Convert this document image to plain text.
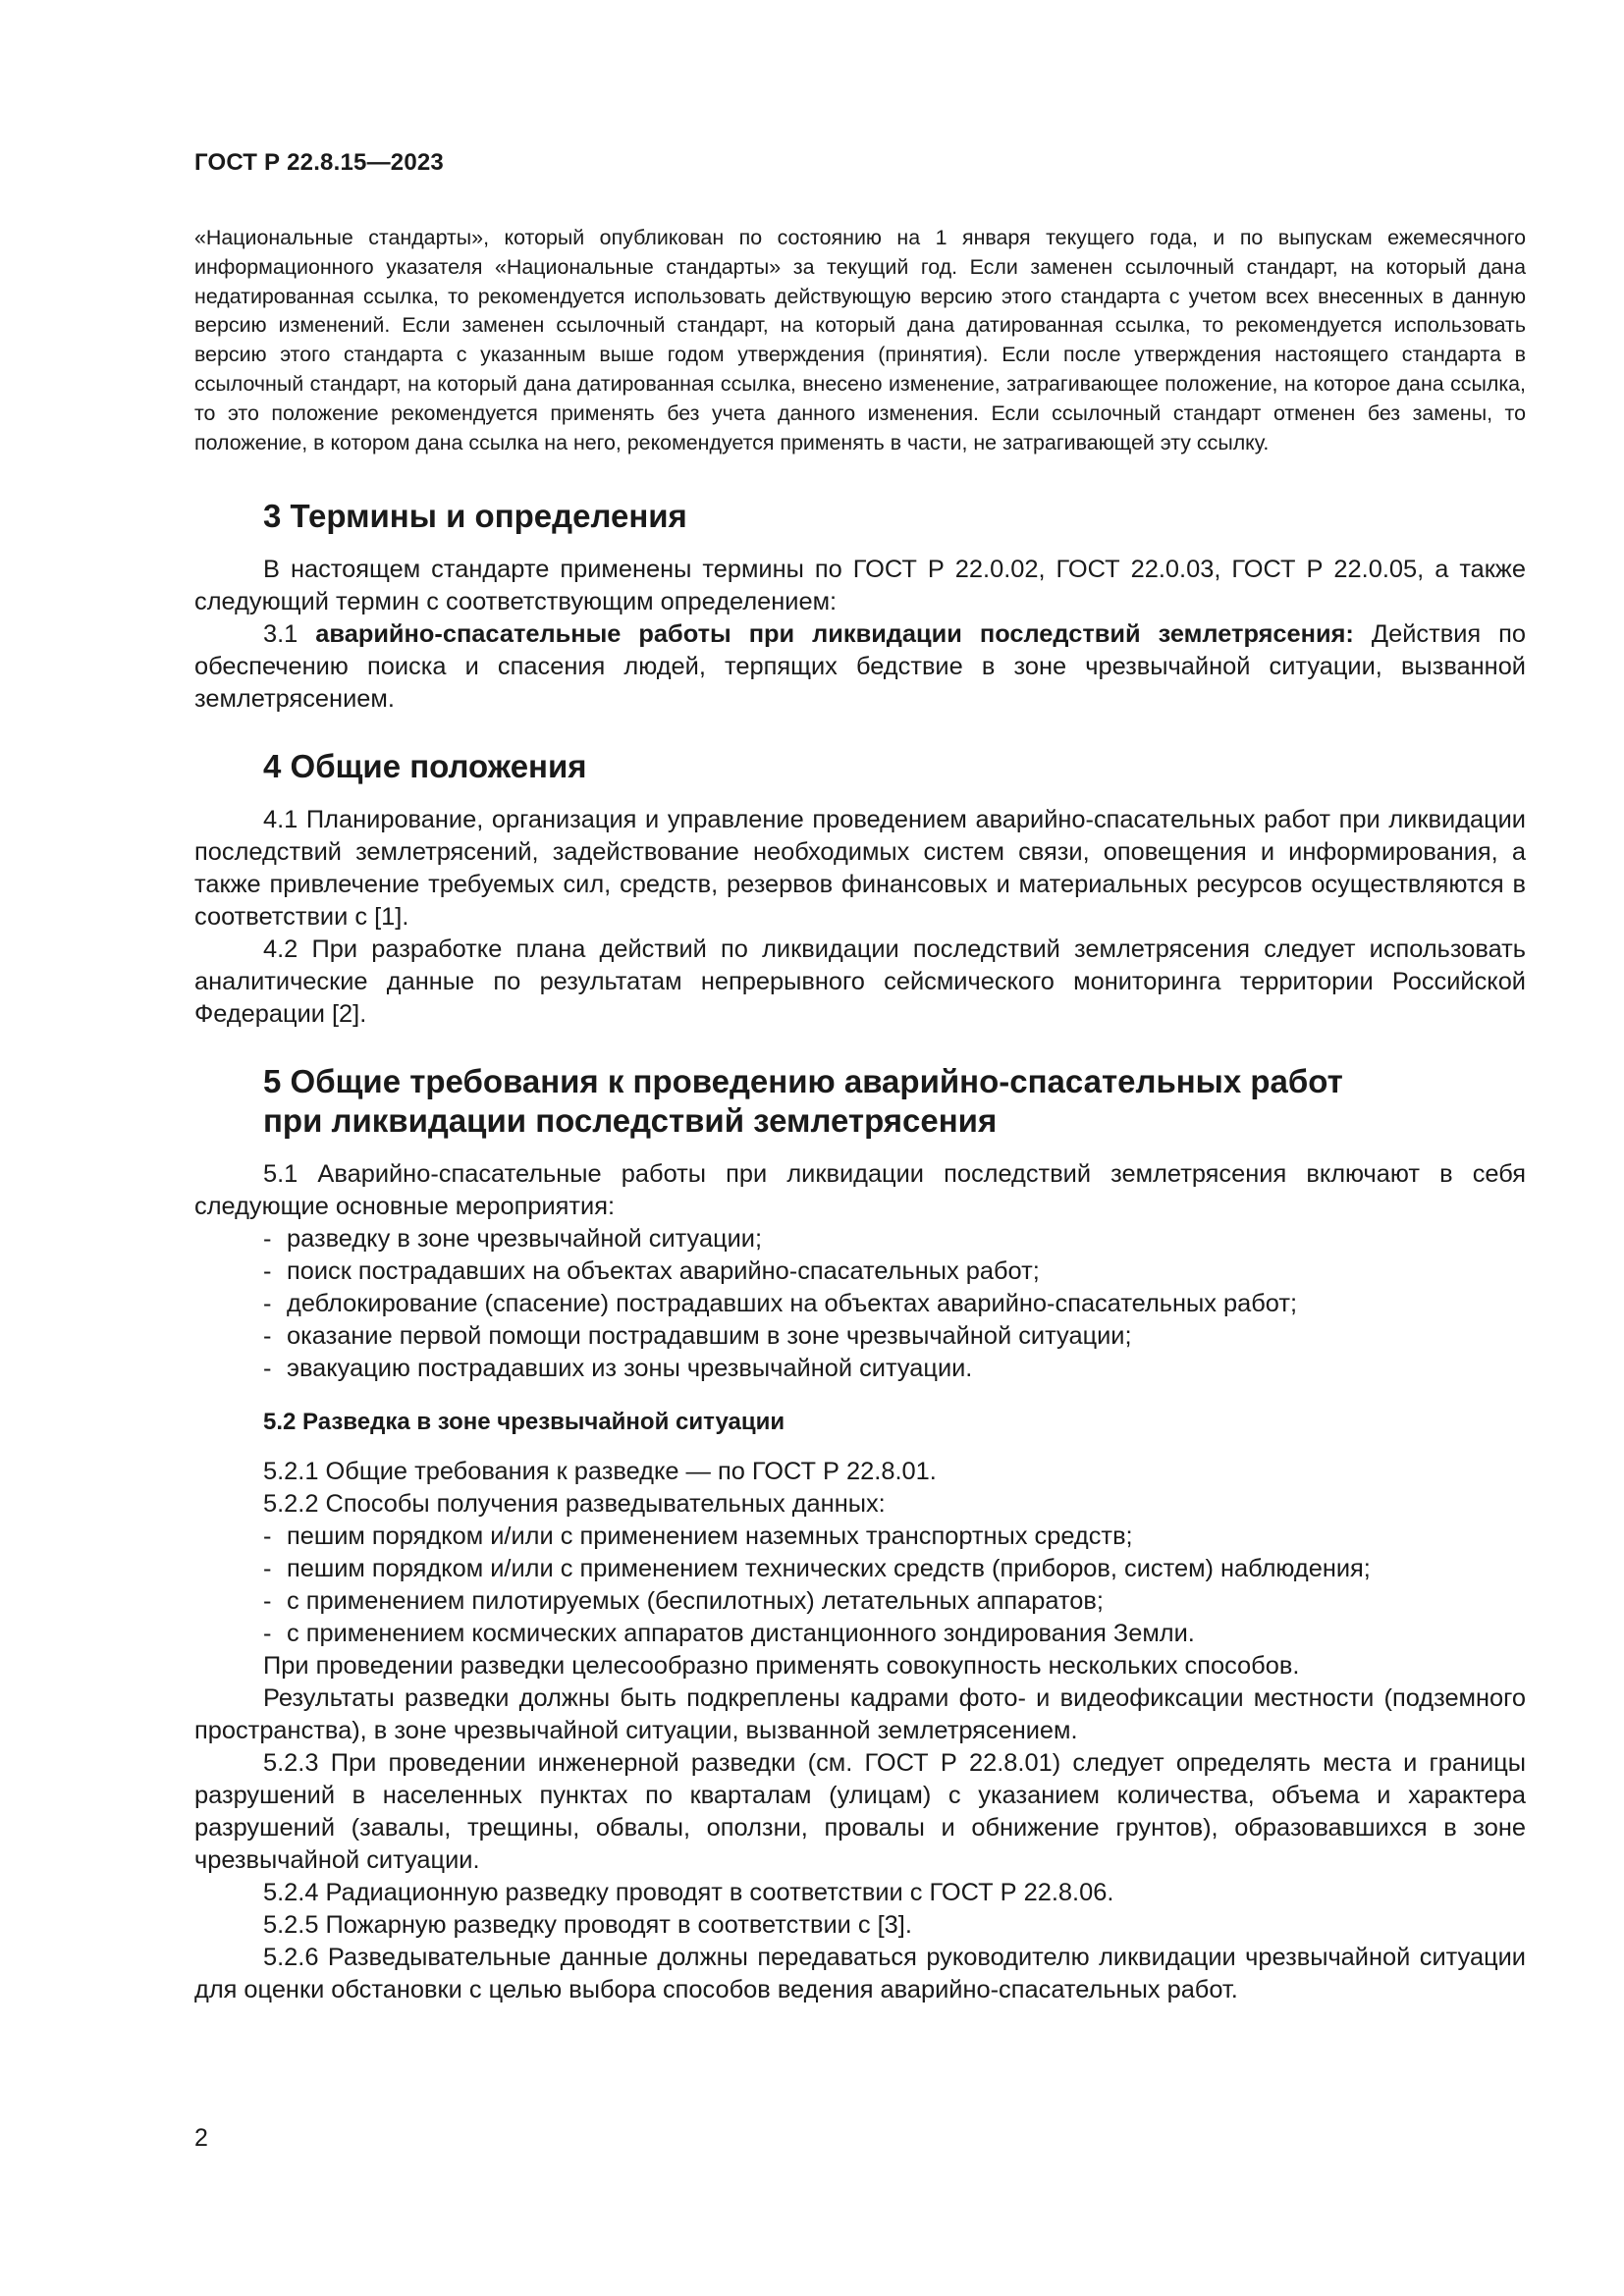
ГОСТ Р 22.8.15—2023

«Национальные стандарты», который опубликован по состоянию на 1 января текущего года, и по выпускам ежемесячного информационного указателя «Национальные стандарты» за текущий год. Если заменен ссылочный стандарт, на который дана недатированная ссылка, то рекомендуется использовать действующую версию этого стандарта с учетом всех внесенных в данную версию изменений. Если заменен ссылочный стандарт, на который дана датированная ссылка, то рекомендуется использовать версию этого стандарта с указанным выше годом утверждения (принятия). Если после утверждения настоящего стандарта в ссылочный стандарт, на который дана датированная ссылка, внесено изменение, затрагивающее положение, на которое дана ссылка, то это положение рекомендуется применять без учета данного изменения. Если ссылочный стандарт отменен без замены, то положение, в котором дана ссылка на него, рекомендуется применять в части, не затрагивающей эту ссылку.

3 Термины и определения

В настоящем стандарте применены термины по ГОСТ Р 22.0.02, ГОСТ 22.0.03, ГОСТ Р 22.0.05, а также следующий термин с соответствующим определением:

3.1 аварийно-спасательные работы при ликвидации последствий землетрясения: Действия по обеспечению поиска и спасения людей, терпящих бедствие в зоне чрезвычайной ситуации, вызванной землетрясением.

4 Общие положения

4.1 Планирование, организация и управление проведением аварийно-спасательных работ при ликвидации последствий землетрясений, задействование необходимых систем связи, оповещения и информирования, а также привлечение требуемых сил, средств, резервов финансовых и материальных ресурсов осуществляются в соответствии с [1].

4.2 При разработке плана действий по ликвидации последствий землетрясения следует использовать аналитические данные по результатам непрерывного сейсмического мониторинга территории Российской Федерации [2].

5 Общие требования к проведению аварийно-спасательных работ
при ликвидации последствий землетрясения

5.1 Аварийно-спасательные работы при ликвидации последствий землетрясения включают в себя следующие основные мероприятия:

- разведку в зоне чрезвычайной ситуации;
- поиск пострадавших на объектах аварийно-спасательных работ;
- деблокирование (спасение) пострадавших на объектах аварийно-спасательных работ;
- оказание первой помощи пострадавшим в зоне чрезвычайной ситуации;
- эвакуацию пострадавших из зоны чрезвычайной ситуации.
5.2 Разведка в зоне чрезвычайной ситуации

5.2.1 Общие требования к разведке — по ГОСТ Р 22.8.01.

5.2.2 Способы получения разведывательных данных:

- пешим порядком и/или с применением наземных транспортных средств;
- пешим порядком и/или с применением технических средств (приборов, систем) наблюдения;
- с применением пилотируемых (беспилотных) летательных аппаратов;
- с применением космических аппаратов дистанционного зондирования Земли.

При проведении разведки целесообразно применять совокупность нескольких способов.

Результаты разведки должны быть подкреплены кадрами фото- и видеофиксации местности (подземного пространства), в зоне чрезвычайной ситуации, вызванной землетрясением.

5.2.3 При проведении инженерной разведки (см. ГОСТ Р 22.8.01) следует определять места и границы разрушений в населенных пунктах по кварталам (улицам) с указанием количества, объема и характера разрушений (завалы, трещины, обвалы, оползни, провалы и обнижение грунтов), образовавшихся в зоне чрезвычайной ситуации.

5.2.4 Радиационную разведку проводят в соответствии с ГОСТ Р 22.8.06.

5.2.5 Пожарную разведку проводят в соответствии с [3].

5.2.6 Разведывательные данные должны передаваться руководителю ликвидации чрезвычайной ситуации для оценки обстановки с целью выбора способов ведения аварийно-спасательных работ.

2
